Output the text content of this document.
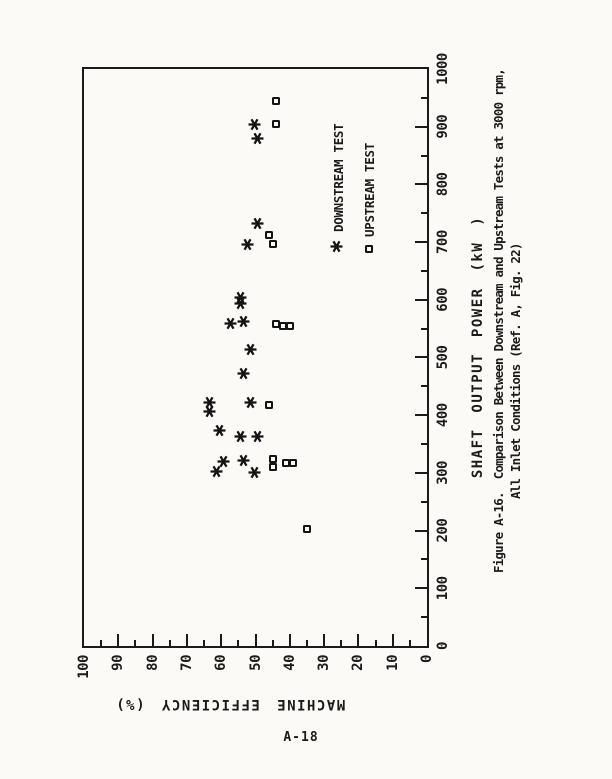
DOWNSTREAM TEST UPSTREAM TEST
0
100
200
300
400
500
600
700
800
900
1000
0
10
20
30
40
50
60
70
80
90
100
SHAFT OUTPUT POWER (kW )
MACHINE EFFICIENCY (%)
Figure A-16.Comparison Between Downstream and Upstream Tests at 3000 rpm, All Inlet Conditions (Ref. A, Fig. 22)
A-18
